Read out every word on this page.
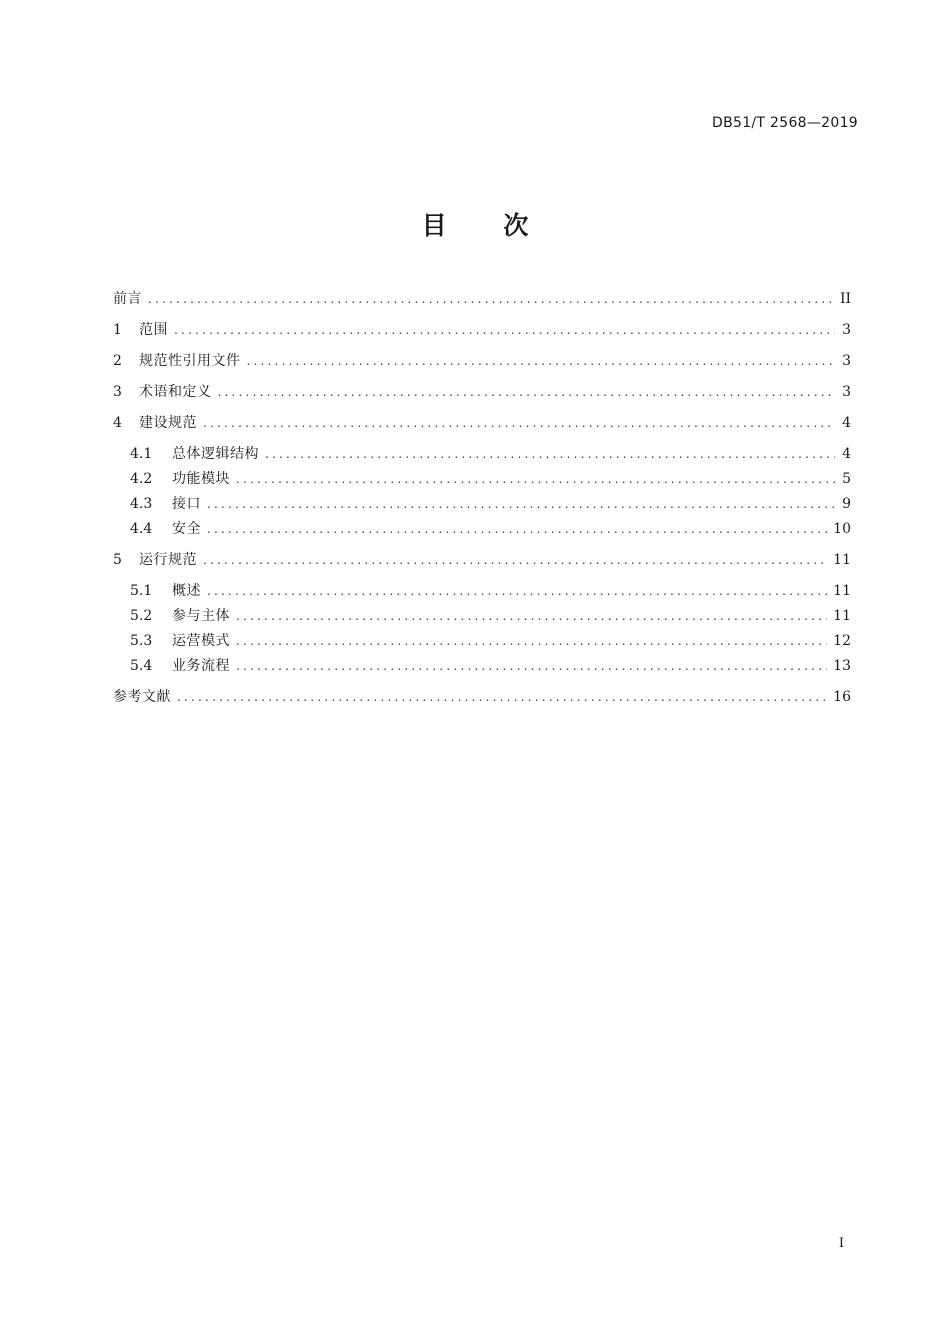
DB51/T 2568—2019
目 次
前言 .....	II
1	范围 .....	3
2	规范性引用文件 .....	3
3	术语和定义 .....	3
4	建设规范 .....	4
4.1	总体逻辑结构 .....	4
4.2	功能模块 .....	5
4.3	接口 .....	9
4.4	安全 .....	10
5	运行规范 .....	11
5.1	概述 .....	11
5.2	参与主体 .....	11
5.3	运营模式 .....	12
5.4	业务流程 .....	13
参考文献 .....	16
I
